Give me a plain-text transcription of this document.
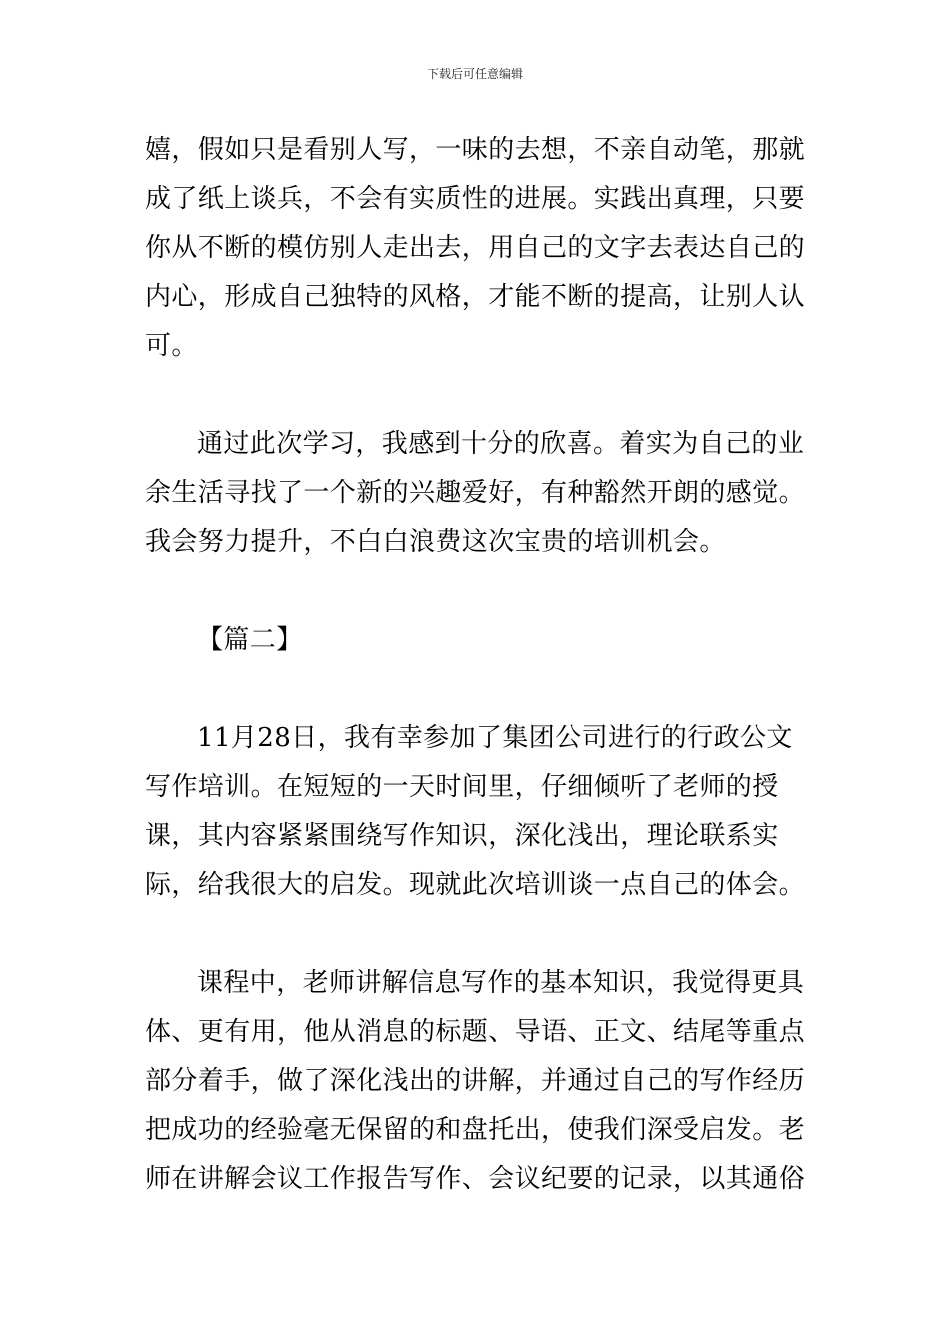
下载后可任意编辑

嬉，假如只是看别人写，一味的去想，不亲自动笔，那就成了纸上谈兵，不会有实质性的进展。实践出真理，只要你从不断的模仿别人走出去，用自己的文字去表达自己的内心，形成自己独特的风格，才能不断的提高，让别人认可。

通过此次学习，我感到十分的欣喜。着实为自己的业余生活寻找了一个新的兴趣爱好，有种豁然开朗的感觉。我会努力提升，不白白浪费这次宝贵的培训机会。

【篇二】

11月28日，我有幸参加了集团公司进行的行政公文写作培训。在短短的一天时间里，仔细倾听了老师的授课，其内容紧紧围绕写作知识，深化浅出，理论联系实际，给我很大的启发。现就此次培训谈一点自己的体会。

课程中，老师讲解信息写作的基本知识，我觉得更具体、更有用，他从消息的标题、导语、正文、结尾等重点部分着手，做了深化浅出的讲解，并通过自己的写作经历把成功的经验毫无保留的和盘托出，使我们深受启发。老师在讲解会议工作报告写作、会议纪要的记录，以其通俗
